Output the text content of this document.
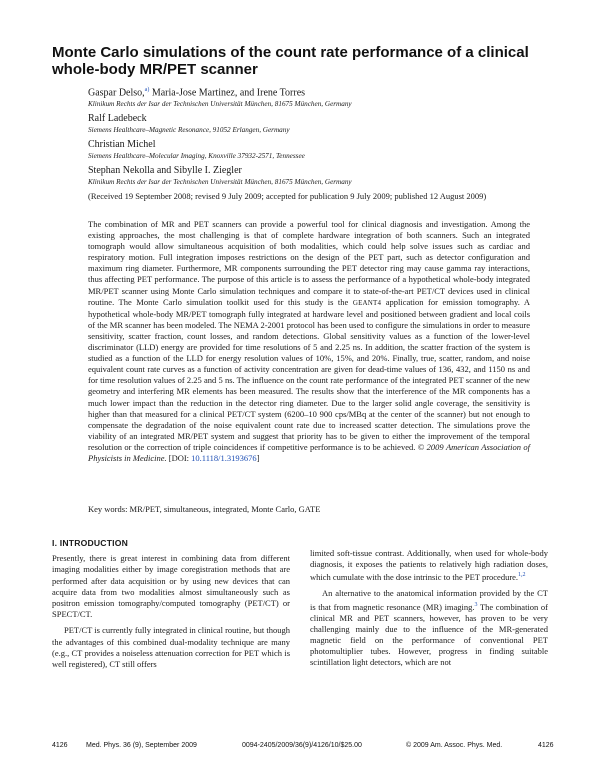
Monte Carlo simulations of the count rate performance of a clinical whole-body MR/PET scanner
Gaspar Delso,$^{a)}$ Maria-Jose Martinez, and Irene Torres
Klinikum Rechts der Isar der Technischen Universität München, 81675 München, Germany
Ralf Ladebeck
Siemens Healthcare–Magnetic Resonance, 91052 Erlangen, Germany
Christian Michel
Siemens Healthcare–Molecular Imaging, Knoxville 37932-2571, Tennessee
Stephan Nekolla and Sibylle I. Ziegler
Klinikum Rechts der Isar der Technischen Universität München, 81675 München, Germany
(Received 19 September 2008; revised 9 July 2009; accepted for publication 9 July 2009; published 12 August 2009)

The combination of MR and PET scanners can provide a powerful tool for clinical diagnosis and investigation. Among the existing approaches, the most challenging is that of complete hardware integration of both scanners. Such an integrated tomograph would allow simultaneous acquisition of both modalities, which could help solve issues such as cardiac and respiratory motion. Full integration imposes restrictions on the design of the PET part, such as detector configuration and maximum ring diameter. Furthermore, MR components surrounding the PET detector ring may cause gamma ray interactions, thus affecting PET performance. The purpose of this article is to assess the performance of a hypothetical whole-body integrated MR/PET scanner using Monte Carlo simulation techniques and compare it to state-of-the-art PET/CT devices used in clinical routine. The Monte Carlo simulation toolkit used for this study is the GEANT4 application for emission tomography. A hypothetical whole-body MR/PET tomograph fully integrated at hardware level and positioned between gradient and local coils of the MR scanner has been modeled. The NEMA 2-2001 protocol has been used to configure the simulations in order to measure sensitivity, scatter fraction, count losses, and random detections. Global sensitivity values as a function of the lower-level discriminator (LLD) energy are provided for time resolutions of 5 and 2.25 ns. In addition, the scatter fraction of the system is studied as a function of the LLD for energy resolution values of 10%, 15%, and 20%. Finally, true, scatter, random, and noise equivalent count rate curves as a function of activity concentration are given for dead-time values of 136, 432, and 1150 ns and for time resolution values of 2.25 and 5 ns. The influence on the count rate performance of the integrated PET scanner of the new geometry and interfering MR elements has been measured. The results show that the interference of the MR components has a much lower impact than the reduction in the detector ring diameter. Due to the larger solid angle coverage, the sensitivity is higher than that measured for a clinical PET/CT system (6200–10 900 cps/MBq at the center of the scanner) but not enough to compensate the degradation of the noise equivalent count rate due to increased scatter detection. The simulations prove the viability of an integrated MR/PET system and suggest that priority has to be given to either the improvement of the temporal resolution or the correction of triple coincidences if competitive performance is to be achieved. © 2009 American Association of Physicists in Medicine. [DOI: 10.1118/1.3193676]

Key words: MR/PET, simultaneous, integrated, Monte Carlo, GATE
I. INTRODUCTION

Presently, there is great interest in combining data from different imaging modalities either by image coregistration methods that are performed after data acquisition or by using new devices that can acquire data from two modalities almost simultaneously such as positron emission tomography/computed tomography (PET/CT) or SPECT/CT.

PET/CT is currently fully integrated in clinical routine, but though the advantages of this combined dual-modality technique are many (e.g., CT provides a noiseless attenuation correction for PET which is well registered), CT still offers

limited soft-tissue contrast. Additionally, when used for whole-body diagnosis, it exposes the patients to relatively high radiation doses, which cumulate with the dose intrinsic to the PET procedure.$^{1,2}$

An alternative to the anatomical information provided by the CT is that from magnetic resonance (MR) imaging.$^3$ The combination of clinical MR and PET scanners, however, has proven to be very challenging mainly due to the influence of the MR-generated magnetic field on the performance of conventional PET photomultiplier tubes. However, progress in finding suitable scintillation light detectors, which are not

4126	Med. Phys. 36 (9), September 2009	0094-2405/2009/36(9)/4126/10/$25.00	© 2009 Am. Assoc. Phys. Med.	4126
